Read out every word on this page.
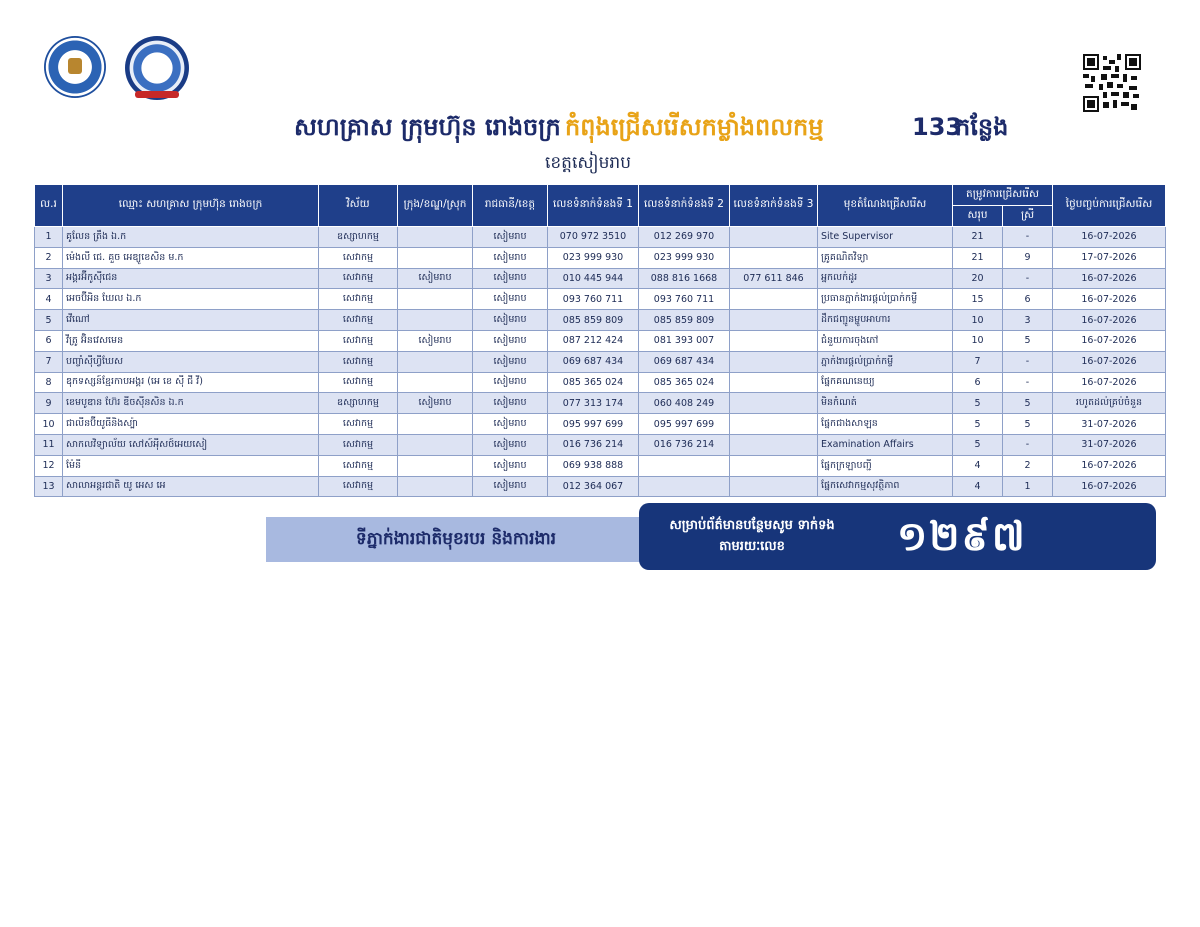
សហគ្រាស ក្រុមហ៊ុន រោងចក្រ កំពុងជ្រើសរើសកម្លាំងពលកម្ម	133
កន្លែង
ខេត្តសៀមរាប
ល.រ	ឈ្មោះ សហគ្រាស ក្រុមហ៊ុន រោងចក្រ	វិស័យ	ក្រុង/ខណ្ឌ/ស្រុក	រាជធានី/ខេត្ត	លេខទំនាក់ទំនងទី 1	លេខទំនាក់ទំនងទី 2	លេខទំនាក់ទំនងទី 3	មុខតំណែងជ្រើសរើស	តម្រូវការជ្រើសរើស		ថ្ងៃបញ្ចប់ការជ្រើសរើស
									សរុប	ស្រី	
1	គូលែន ត្រឹង ឯ.ក	ឧស្សាហកម្ម		សៀមរាប	070 972 3510	012 269 970		Site Supervisor	21	-	16-07-2026
2	ម៉េងលី ជេ. គួច អេឌ្យូខេសិន ម.ក	សេវាកម្ម		សៀមរាប	023 999 930	023 999 930		គ្រូគណិតវិទ្យា	21	9	17-07-2026
3	អង្គរអ៊ីកូស៊ីជេន	សេវាកម្ម	សៀមរាប	សៀមរាប	010 445 944	088 816 1668	077 611 846	អ្នកលក់ដូរ	20	-	16-07-2026
4	អេចប៊ីអិន ឃែល ឯ.ក	សេវាកម្ម		សៀមរាប	093 760 711	093 760 711		ប្រធានភ្នាក់ងារផ្ដល់ប្រាក់កម្ចី	15	6	16-07-2026
5	វើណៅ	សេវាកម្ម		សៀមរាប	085 859 809	085 859 809		ដឹកជញ្ជូនម្ហូបអាហារ	10	3	16-07-2026
6	វីត្រូ អ៊ិនវេសមេន	សេវាកម្ម	សៀមរាប	សៀមរាប	087 212 424	081 393 007		ជំនួយការចុងភៅ	10	5	16-07-2026
7	បញ្ចាំស៊ីហ្វីឃែស	សេវាកម្ម		សៀមរាប	069 687 434	069 687 434		ភ្នាក់ងារផ្ដល់ប្រាក់កម្ចី	7	-	16-07-2026
8	ឌុកទស្សន៍ខ្មែរកាបអង្គរ (អេ ខេ ស៊ី ជី វី)	សេវាកម្ម		សៀមរាប	085 365 024	085 365 024		ផ្នែកគណនេយ្យ	6	-	16-07-2026
9	ខេមបូឌាន ហ៊ែរ ឌីចស៊ីនសិន ឯ.ក	ឧស្សាហកម្ម	សៀមរាប	សៀមរាប	077 313 174	060 408 249		មិនកំណត់	5	5	រហូតដល់គ្រប់ចំនួន
10	ជាលីនប៊ីយូធីនិងស្ប៉ា	សេវាកម្ម		សៀមរាប	095 997 699	095 997 699		ផ្នែកជាងសាឡន	5	5	31-07-2026
11	សាកលវិទ្យាល័យ សៅស៍អុីសថ៍អេយសៀ	សេវាកម្ម		សៀមរាប	016 736 214	016 736 214		Examination Affairs	5	-	31-07-2026
12	ម៉ែនី	សេវាកម្ម		សៀមរាប	069 938 888			ផ្នែកក្រឡាបញ្ជី	4	2	16-07-2026
13	សាលាអន្តរជាតិ យូ អេស អេ	សេវាកម្ម		សៀមរាប	012 364 067			ផ្នែកសេវាកម្មសុវត្ថិភាព	4	1	16-07-2026
ទីភ្នាក់ងារជាតិមុខរបរ និងការងារ
សម្រាប់ព័ត៌មានបន្ថែមសូម ទាក់ទងតាមរយៈលេខ	១២៩៧
